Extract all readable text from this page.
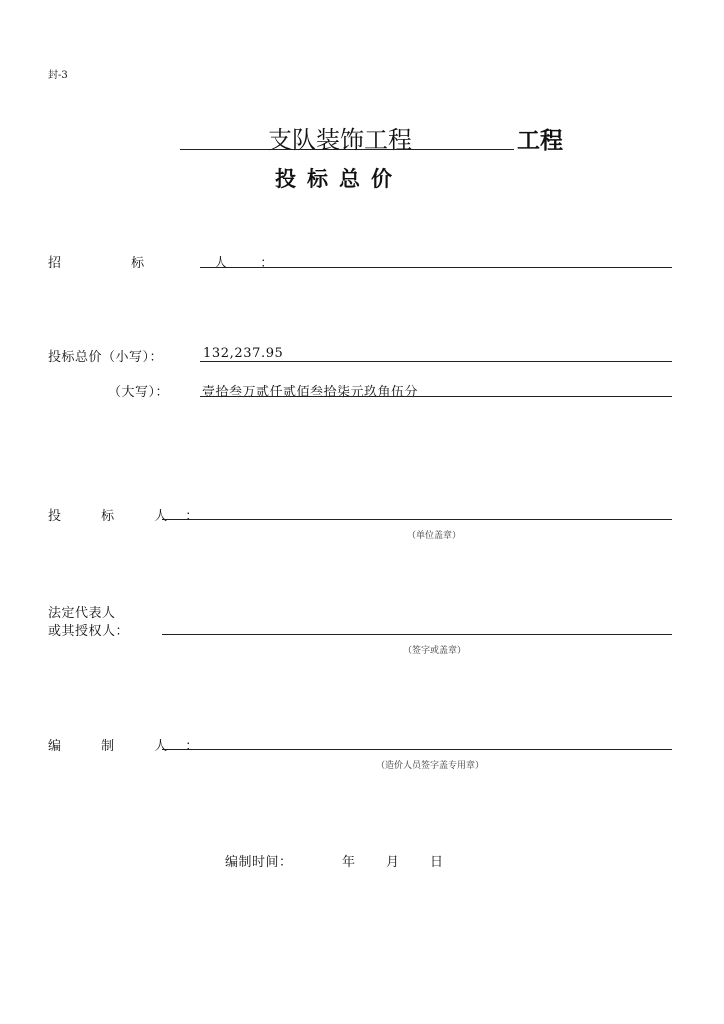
封-3
支队装饰工程	工程
投标总价
招 标 人：
投标总价（小写）：	132,237.95
（大写）：	壹拾叁万贰仟贰佰叁拾柒元玖角伍分
投 标 人：
（单位盖章）
法定代表人
或其授权人：
（签字或盖章）
编 制 人：
（造价人员签字盖专用章）
编制时间：	年 月 日
